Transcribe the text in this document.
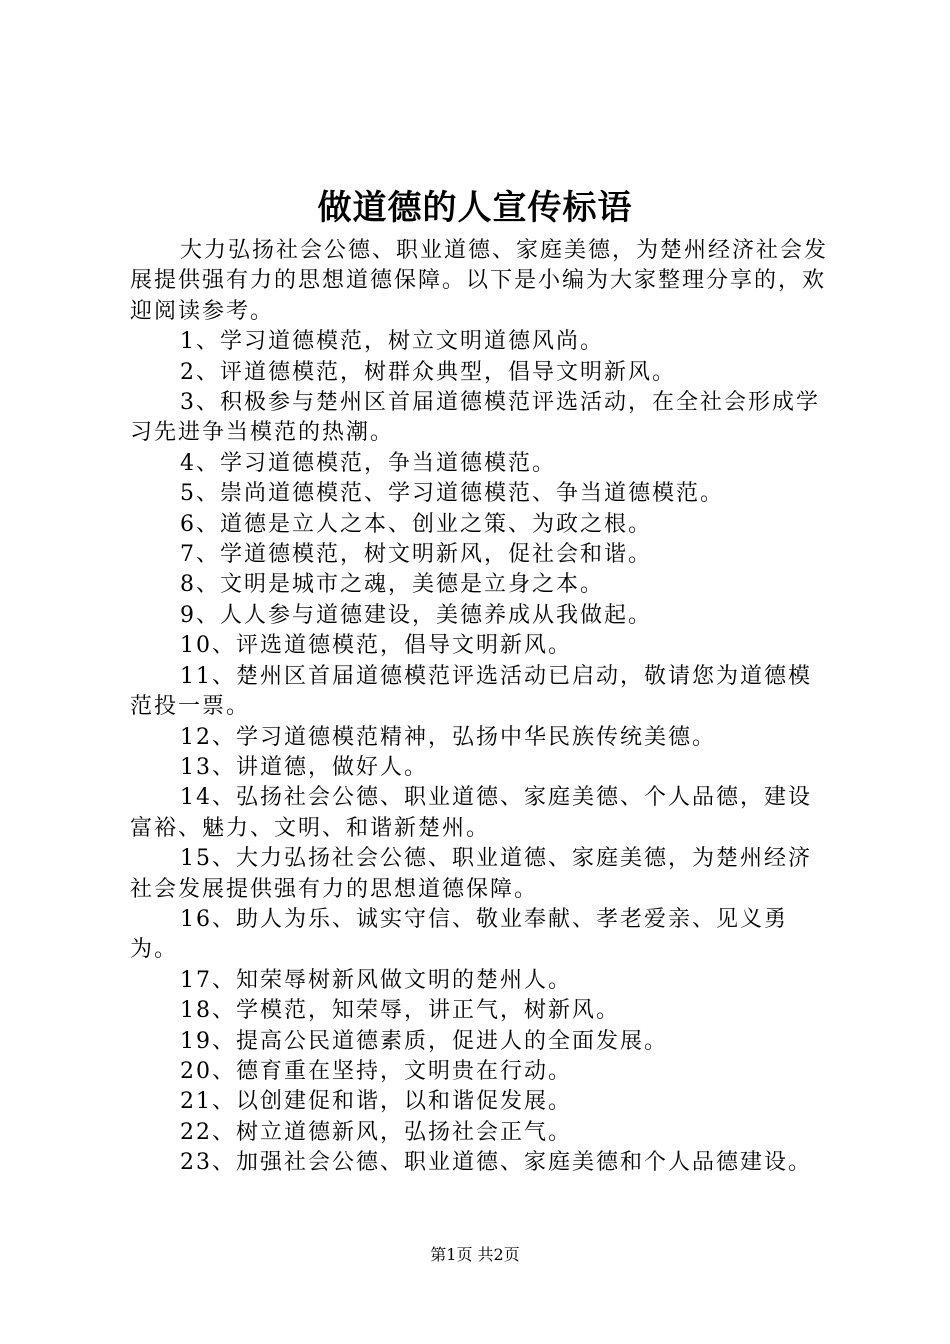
做道德的人宣传标语

大力弘扬社会公德、职业道德、家庭美德，为楚州经济社会发展提供强有力的思想道德保障。以下是小编为大家整理分享的，欢迎阅读参考。

1、学习道德模范，树立文明道德风尚。

2、评道德模范，树群众典型，倡导文明新风。

3、积极参与楚州区首届道德模范评选活动，在全社会形成学习先进争当模范的热潮。

4、学习道德模范，争当道德模范。

5、崇尚道德模范、学习道德模范、争当道德模范。

6、道德是立人之本、创业之策、为政之根。

7、学道德模范，树文明新风，促社会和谐。

8、文明是城市之魂，美德是立身之本。

9、人人参与道德建设，美德养成从我做起。

10、评选道德模范，倡导文明新风。

11、楚州区首届道德模范评选活动已启动，敬请您为道德模范投一票。

12、学习道德模范精神，弘扬中华民族传统美德。

13、讲道德，做好人。

14、弘扬社会公德、职业道德、家庭美德、个人品德，建设富裕、魅力、文明、和谐新楚州。

15、大力弘扬社会公德、职业道德、家庭美德，为楚州经济社会发展提供强有力的思想道德保障。

16、助人为乐、诚实守信、敬业奉献、孝老爱亲、见义勇为。

17、知荣辱树新风做文明的楚州人。

18、学模范，知荣辱，讲正气，树新风。

19、提高公民道德素质，促进人的全面发展。

20、德育重在坚持，文明贵在行动。

21、以创建促和谐，以和谐促发展。

22、树立道德新风，弘扬社会正气。

23、加强社会公德、职业道德、家庭美德和个人品德建设。

第1页 共2页
